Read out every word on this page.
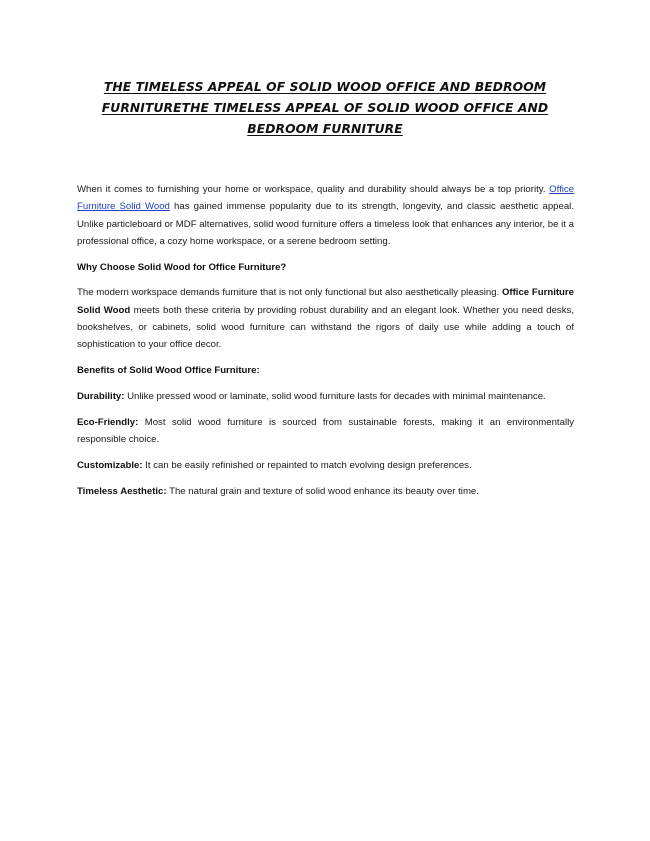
THE TIMELESS APPEAL OF SOLID WOOD OFFICE AND BEDROOM FURNITURETHE TIMELESS APPEAL OF SOLID WOOD OFFICE AND BEDROOM FURNITURE

When it comes to furnishing your home or workspace, quality and durability should always be a top priority. Office Furniture Solid Wood has gained immense popularity due to its strength, longevity, and classic aesthetic appeal. Unlike particleboard or MDF alternatives, solid wood furniture offers a timeless look that enhances any interior, be it a professional office, a cozy home workspace, or a serene bedroom setting.

Why Choose Solid Wood for Office Furniture?

The modern workspace demands furniture that is not only functional but also aesthetically pleasing. Office Furniture Solid Wood meets both these criteria by providing robust durability and an elegant look. Whether you need desks, bookshelves, or cabinets, solid wood furniture can withstand the rigors of daily use while adding a touch of sophistication to your office decor.

Benefits of Solid Wood Office Furniture:

Durability: Unlike pressed wood or laminate, solid wood furniture lasts for decades with minimal maintenance.

Eco-Friendly: Most solid wood furniture is sourced from sustainable forests, making it an environmentally responsible choice.

Customizable: It can be easily refinished or repainted to match evolving design preferences.

Timeless Aesthetic: The natural grain and texture of solid wood enhance its beauty over time.
